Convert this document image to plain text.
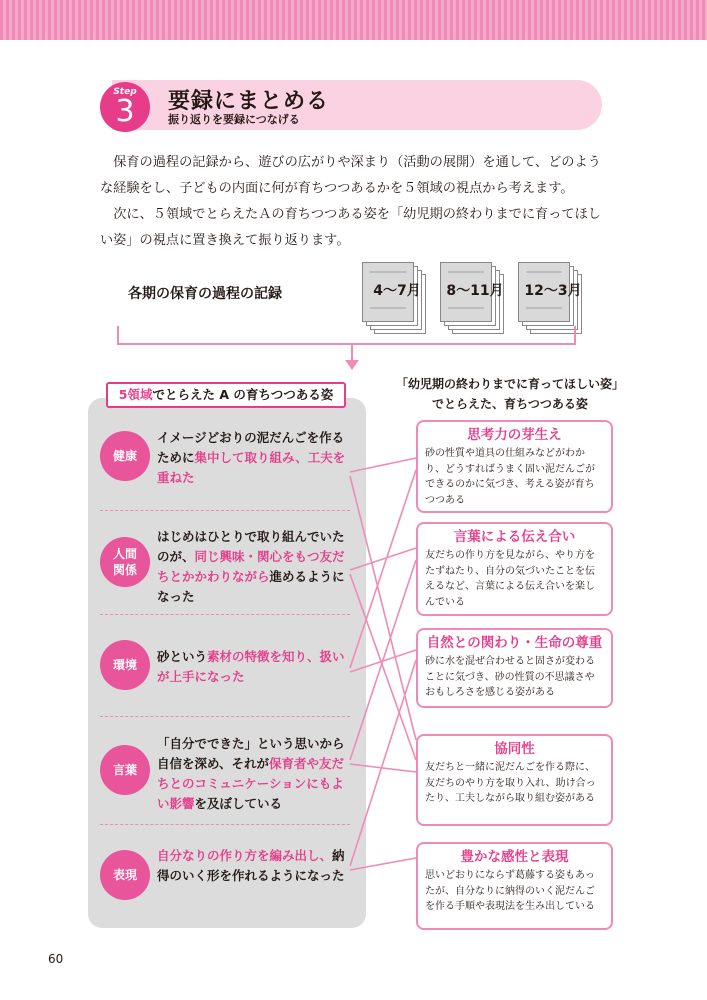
Step
3	要録にまとめる
振り返りを要録につなげる

保育の過程の記録から、遊びの広がりや深まり（活動の展開）を通して、どのような経験をし、子どもの内面に何が育ちつつあるかを５領域の視点から考えます。

次に、５領域でとらえたＡの育ちつつある姿を「幼児期の終わりまでに育ってほしい姿」の視点に置き換えて振り返ります。

各期の保育の過程の記録	4～7月	8～11月	12～3月
5領域でとらえた A の育ちつつある姿
「幼児期の終わりまでに育ってほしい姿」
でとらえた、育ちつつある姿
健康
イメージどおりの泥だんごを作るために集中して取り組み、工夫を重ねた
人間関係
はじめはひとりで取り組んでいたのが、同じ興味・関心をもつ友だちとかかわりながら進めるようになった
環境
砂という素材の特徴を知り、扱いが上手になった
言葉
「自分でできた」という思いから自信を深め、それが保育者や友だちとのコミュニケーションにもよい影響を及ぼしている
表現
自分なりの作り方を編み出し、納得のいく形を作れるようになった
思考力の芽生え
砂の性質や道具の仕組みなどがわかり、どうすればうまく固い泥だんごができるのかに気づき、考える姿が育ちつつある
言葉による伝え合い
友だちの作り方を見ながら、やり方をたずねたり、自分の気づいたことを伝えるなど、言葉による伝え合いを楽しんでいる
自然との関わり・生命の尊重
砂に水を混ぜ合わせると固さが変わることに気づき、砂の性質の不思議さやおもしろさを感じる姿がある
協同性
友だちと一緒に泥だんごを作る際に、友だちのやり方を取り入れ、助け合ったり、工夫しながら取り組む姿がある
豊かな感性と表現
思いどおりにならず葛藤する姿もあったが、自分なりに納得のいく泥だんごを作る手順や表現法を生み出している
60
